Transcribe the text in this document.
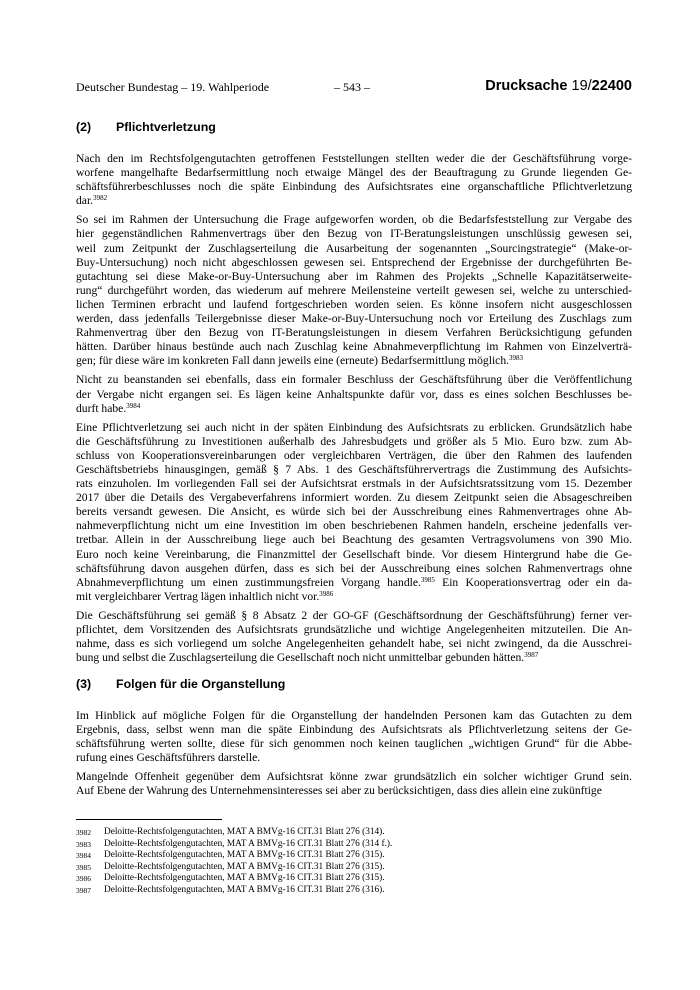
Deutscher Bundestag – 19. Wahlperiode	– 543 –	Drucksache 19/22400
(2)	Pflichtverletzung

Nach den im Rechtsfolgengutachten getroffenen Feststellungen stellten weder die der Geschäftsführung vorge-
worfene mangelhafte Bedarfsermittlung noch etwaige Mängel des der Beauftragung zu Grunde liegenden Ge-
schäftsführerbeschlusses noch die späte Einbindung des Aufsichtsrates eine organschaftliche Pflichtverletzung
dar.$^{3982}$

So sei im Rahmen der Untersuchung die Frage aufgeworfen worden, ob die Bedarfsfeststellung zur Vergabe des
hier gegenständlichen Rahmenvertrags über den Bezug von IT-Beratungsleistungen unschlüssig gewesen sei,
weil zum Zeitpunkt der Zuschlagserteilung die Ausarbeitung der sogenannten „Sourcingstrategie“ (Make-or-
Buy-Untersuchung) noch nicht abgeschlossen gewesen sei. Entsprechend der Ergebnisse der durchgeführten Be-
gutachtung sei diese Make-or-Buy-Untersuchung aber im Rahmen des Projekts „Schnelle Kapazitätserweite-
rung“ durchgeführt worden, das wiederum auf mehrere Meilensteine verteilt gewesen sei, welche zu unterschied-
lichen Terminen erbracht und laufend fortgeschrieben worden seien. Es könne insofern nicht ausgeschlossen
werden, dass jedenfalls Teilergebnisse dieser Make-or-Buy-Untersuchung noch vor Erteilung des Zuschlags zum
Rahmenvertrag über den Bezug von IT-Beratungsleistungen in diesem Verfahren Berücksichtigung gefunden
hätten. Darüber hinaus bestünde auch nach Zuschlag keine Abnahmeverpflichtung im Rahmen von Einzelverträ-
gen; für diese wäre im konkreten Fall dann jeweils eine (erneute) Bedarfsermittlung möglich.$^{3983}$

Nicht zu beanstanden sei ebenfalls, dass ein formaler Beschluss der Geschäftsführung über die Veröffentlichung
der Vergabe nicht ergangen sei. Es lägen keine Anhaltspunkte dafür vor, dass es eines solchen Beschlusses be-
durft habe.$^{3984}$

Eine Pflichtverletzung sei auch nicht in der späten Einbindung des Aufsichtsrats zu erblicken. Grundsätzlich habe
die Geschäftsführung zu Investitionen außerhalb des Jahresbudgets und größer als 5 Mio. Euro bzw. zum Ab-
schluss von Kooperationsvereinbarungen oder vergleichbaren Verträgen, die über den Rahmen des laufenden
Geschäftsbetriebs hinausgingen, gemäß § 7 Abs. 1 des Geschäftsführervertrags die Zustimmung des Aufsichts-
rats einzuholen. Im vorliegenden Fall sei der Aufsichtsrat erstmals in der Aufsichtsratssitzung vom 15. Dezember
2017 über die Details des Vergabeverfahrens informiert worden. Zu diesem Zeitpunkt seien die Absageschreiben
bereits versandt gewesen. Die Ansicht, es würde sich bei der Ausschreibung eines Rahmenvertrages ohne Ab-
nahmeverpflichtung nicht um eine Investition im oben beschriebenen Rahmen handeln, erscheine jedenfalls ver-
tretbar. Allein in der Ausschreibung liege auch bei Beachtung des gesamten Vertragsvolumens von 390 Mio.
Euro noch keine Vereinbarung, die Finanzmittel der Gesellschaft binde. Vor diesem Hintergrund habe die Ge-
schäftsführung davon ausgehen dürfen, dass es sich bei der Ausschreibung eines solchen Rahmenvertrags ohne
Abnahmeverpflichtung um einen zustimmungsfreien Vorgang handle.$^{3985}$ Ein Kooperationsvertrag oder ein da-
mit vergleichbarer Vertrag lägen inhaltlich nicht vor.$^{3986}$

Die Geschäftsführung sei gemäß § 8 Absatz 2 der GO-GF (Geschäftsordnung der Geschäftsführung) ferner ver-
pflichtet, dem Vorsitzenden des Aufsichtsrats grundsätzliche und wichtige Angelegenheiten mitzuteilen. Die An-
nahme, dass es sich vorliegend um solche Angelegenheiten gehandelt habe, sei nicht zwingend, da die Ausschrei-
bung und selbst die Zuschlagserteilung die Gesellschaft noch nicht unmittelbar gebunden hätten.$^{3987}$

(3)	Folgen für die Organstellung

Im Hinblick auf mögliche Folgen für die Organstellung der handelnden Personen kam das Gutachten zu dem
Ergebnis, dass, selbst wenn man die späte Einbindung des Aufsichtsrats als Pflichtverletzung seitens der Ge-
schäftsführung werten sollte, diese für sich genommen noch keinen tauglichen „wichtigen Grund“ für die Abbe-
rufung eines Geschäftsführers darstelle.

Mangelnde Offenheit gegenüber dem Aufsichtsrat könne zwar grundsätzlich ein solcher wichtiger Grund sein.
Auf Ebene der Wahrung des Unternehmensinteresses sei aber zu berücksichtigen, dass dies allein eine zukünftige

3982	Deloitte-Rechtsfolgengutachten, MAT A BMVg-16 CIT.31 Blatt 276 (314).
3983	Deloitte-Rechtsfolgengutachten, MAT A BMVg-16 CIT.31 Blatt 276 (314 f.).
3984	Deloitte-Rechtsfolgengutachten, MAT A BMVg-16 CIT.31 Blatt 276 (315).
3985	Deloitte-Rechtsfolgengutachten, MAT A BMVg-16 CIT.31 Blatt 276 (315).
3986	Deloitte-Rechtsfolgengutachten, MAT A BMVg-16 CIT.31 Blatt 276 (315).
3987	Deloitte-Rechtsfolgengutachten, MAT A BMVg-16 CIT.31 Blatt 276 (316).
